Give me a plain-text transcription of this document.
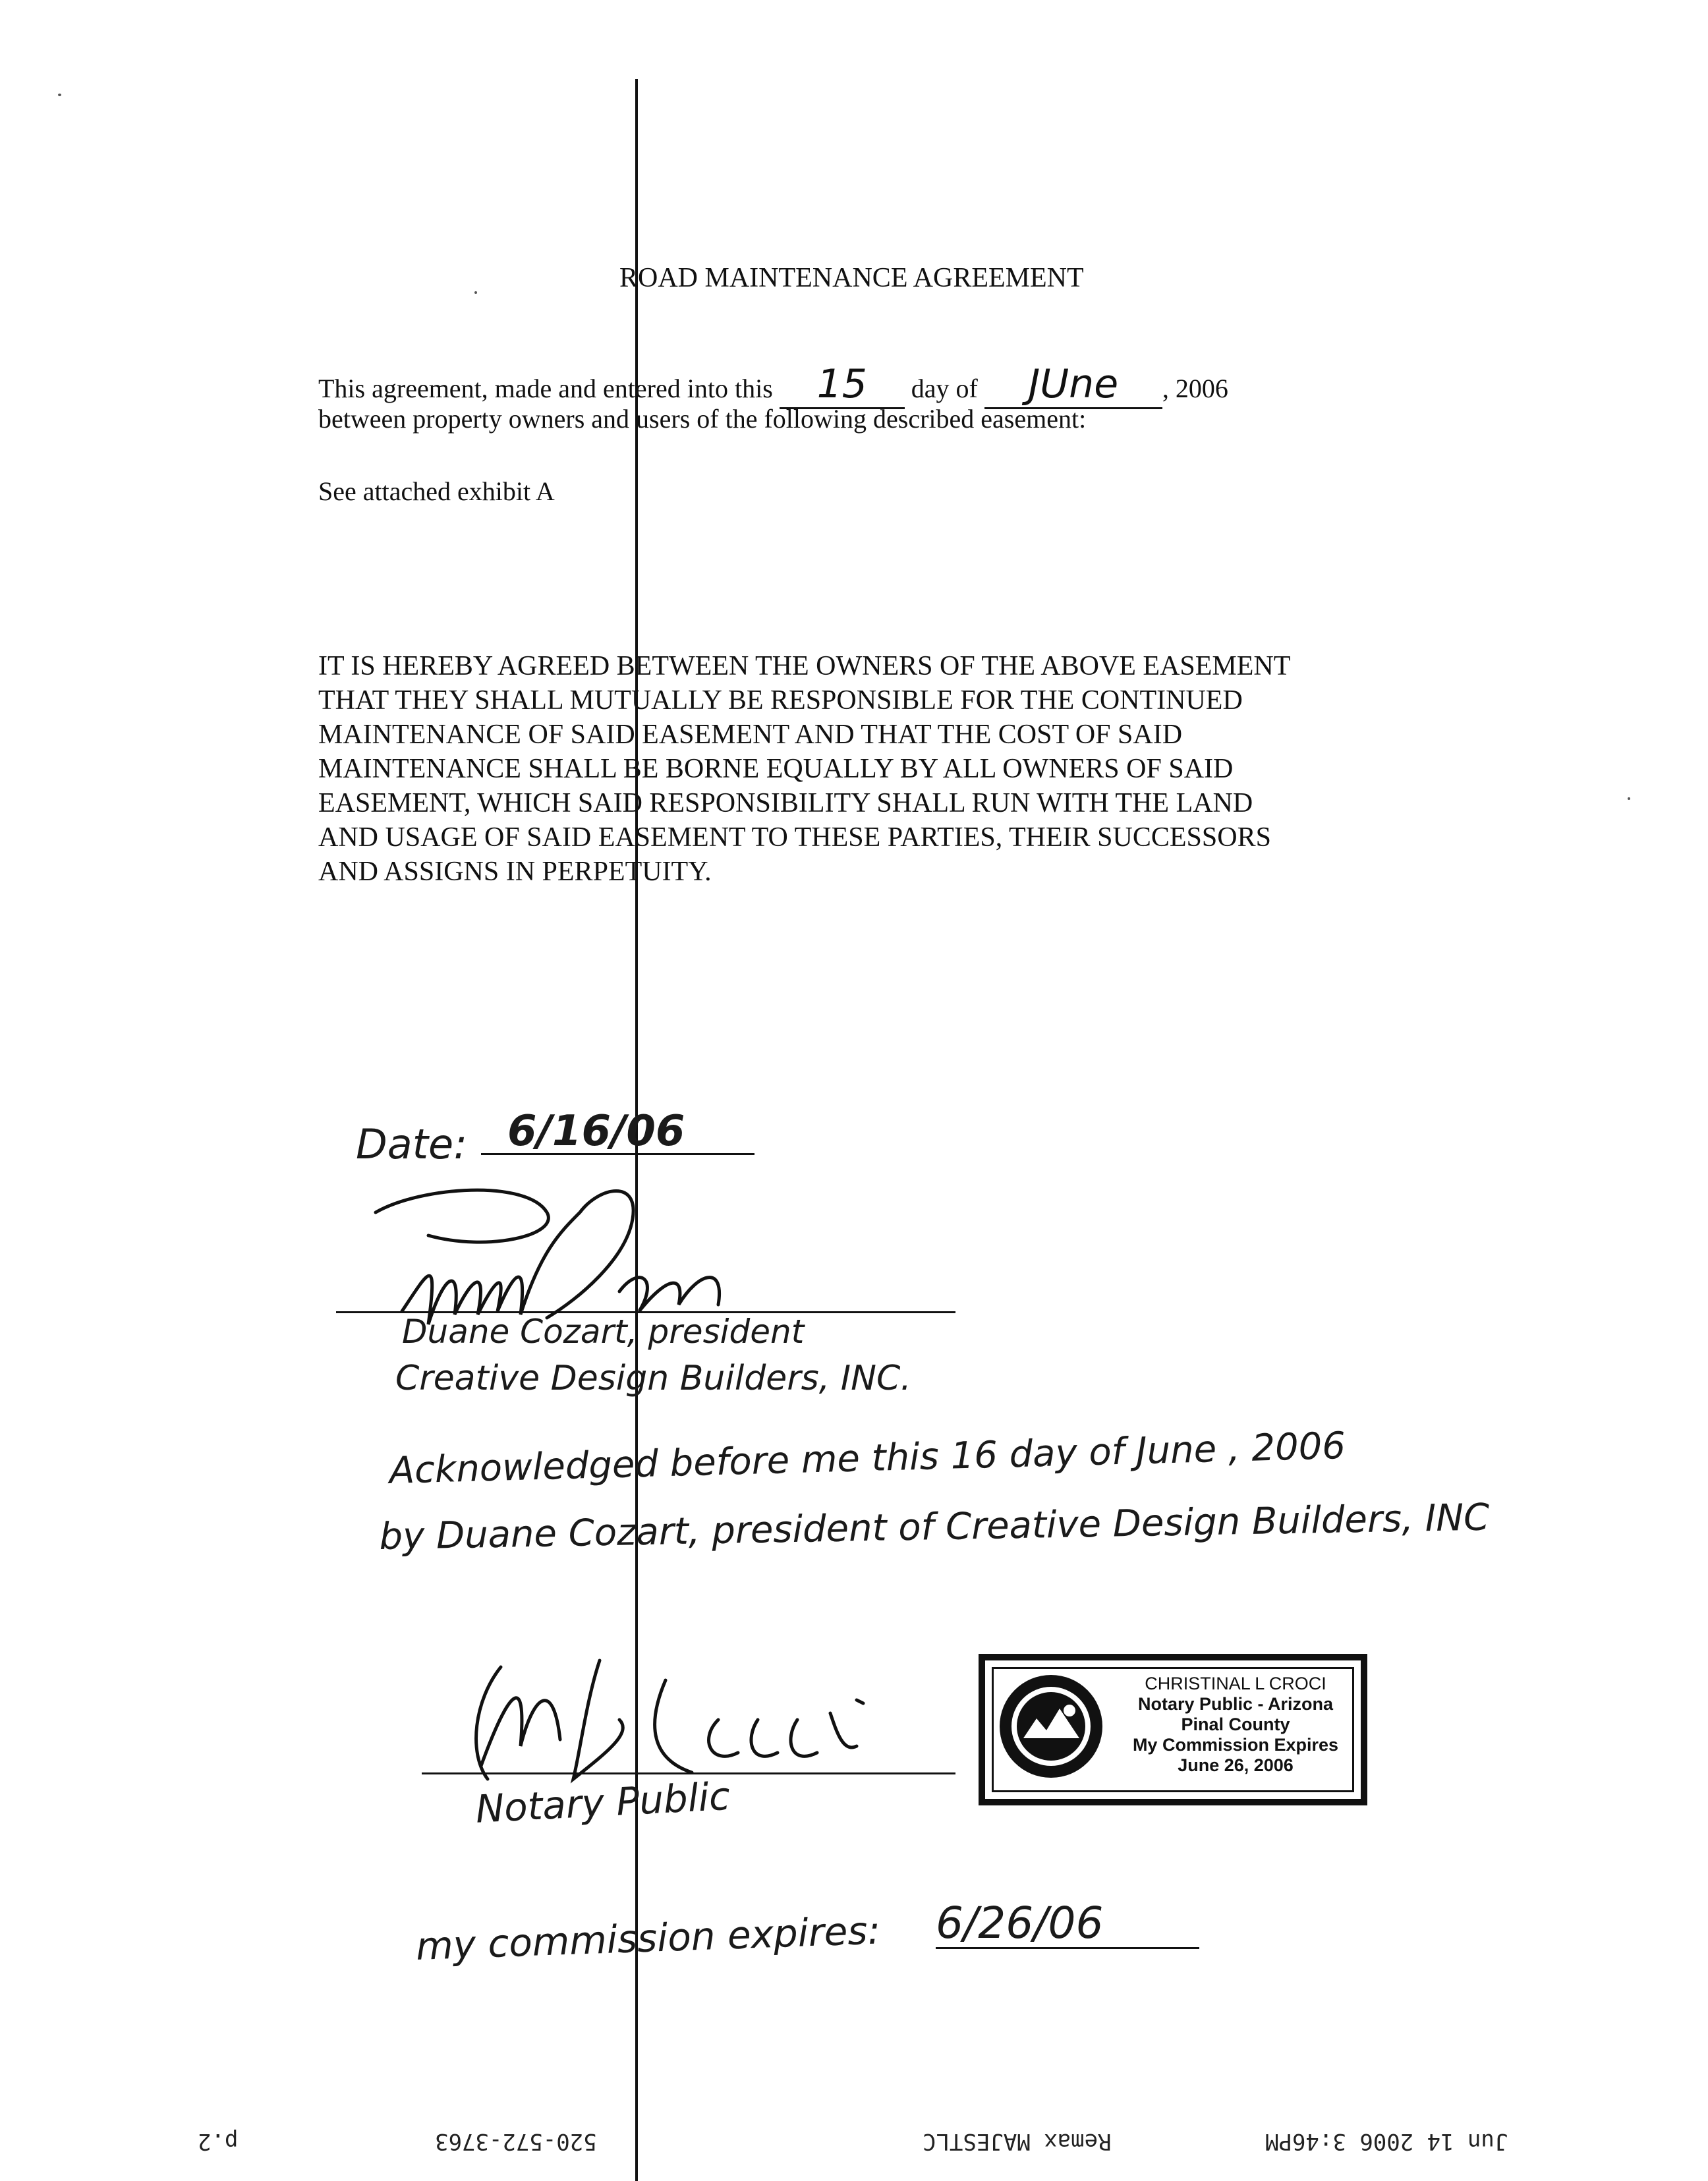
ROAD MAINTENANCE AGREEMENT
This agreement, made and entered into this 15 day of JUne , 2006
between property owners and users of the following described easement:
See attached exhibit A
IT IS HEREBY AGREED BETWEEN THE OWNERS OF THE ABOVE EASEMENT
THAT THEY SHALL MUTUALLY BE RESPONSIBLE FOR THE CONTINUED
MAINTENANCE OF SAID EASEMENT AND THAT THE COST OF SAID
MAINTENANCE SHALL BE BORNE EQUALLY BY ALL OWNERS OF SAID
EASEMENT, WHICH SAID RESPONSIBILITY SHALL RUN WITH THE LAND
AND USAGE OF SAID EASEMENT TO THESE PARTIES, THEIR SUCCESSORS
AND ASSIGNS IN PERPETUITY.
Date: 6/16/06
Duane Cozart, president
Creative Design Builders, INC.
Acknowledged before me this 16 day of June , 2006
by Duane Cozart, president of Creative Design Builders, INC
Notary Public
CHRISTINAL L CROCI
Notary Public - Arizona
Pinal County
My Commission Expires
June 26, 2006
my commission expires: 6/26/06
p.2	520-572-3763	Remax MAJESTLC	Jun 14 2006 3:46PM
